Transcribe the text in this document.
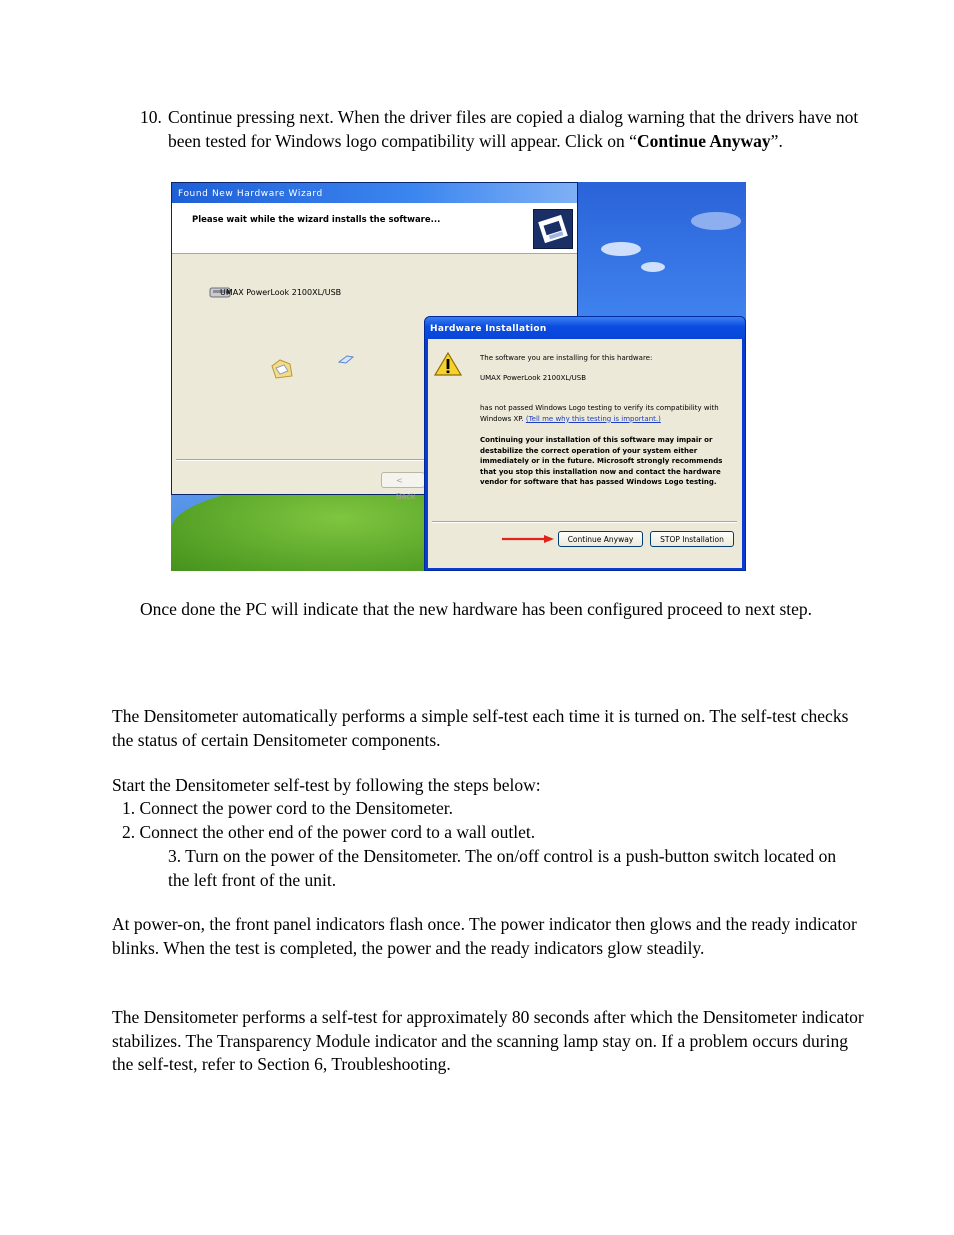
10. Continue pressing next. When the driver files are copied a dialog warning that the drivers have not been tested for Windows logo compatibility will appear. Click on “Continue Anyway”.
Found New Hardware Wizard
Please wait while the wizard installs the software...
UMAX PowerLook 2100XL/USB
< Back
Hardware Installation
The software you are installing for this hardware:
UMAX PowerLook 2100XL/USB
has not passed Windows Logo testing to verify its compatibility with Windows XP. (Tell me why this testing is important.)
Continuing your installation of this software may impair or destabilize the correct operation of your system either immediately or in the future. Microsoft strongly recommends that you stop this installation now and contact the hardware vendor for software that has passed Windows Logo testing.
Continue Anyway	STOP Installation

Once done the PC will indicate that the new hardware has been configured proceed to next step.

The Densitometer automatically performs a simple self-test each time it is turned on. The self-test checks the status of certain Densitometer components.

Start the Densitometer self-test by following the steps below:

1. Connect the power cord to the Densitometer.
2. Connect the other end of the power cord to a wall outlet.
3. Turn on the power of the Densitometer. The on/off control is a push-button switch located on the left front of the unit.

At power-on, the front panel indicators flash once. The power indicator then glows and the ready indicator blinks. When the test is completed, the power and the ready indicators glow steadily.

The Densitometer performs a self-test for approximately 80 seconds after which the Densitometer indicator stabilizes. The Transparency Module indicator and the scanning lamp stay on. If a problem occurs during the self-test, refer to Section 6, Troubleshooting.
